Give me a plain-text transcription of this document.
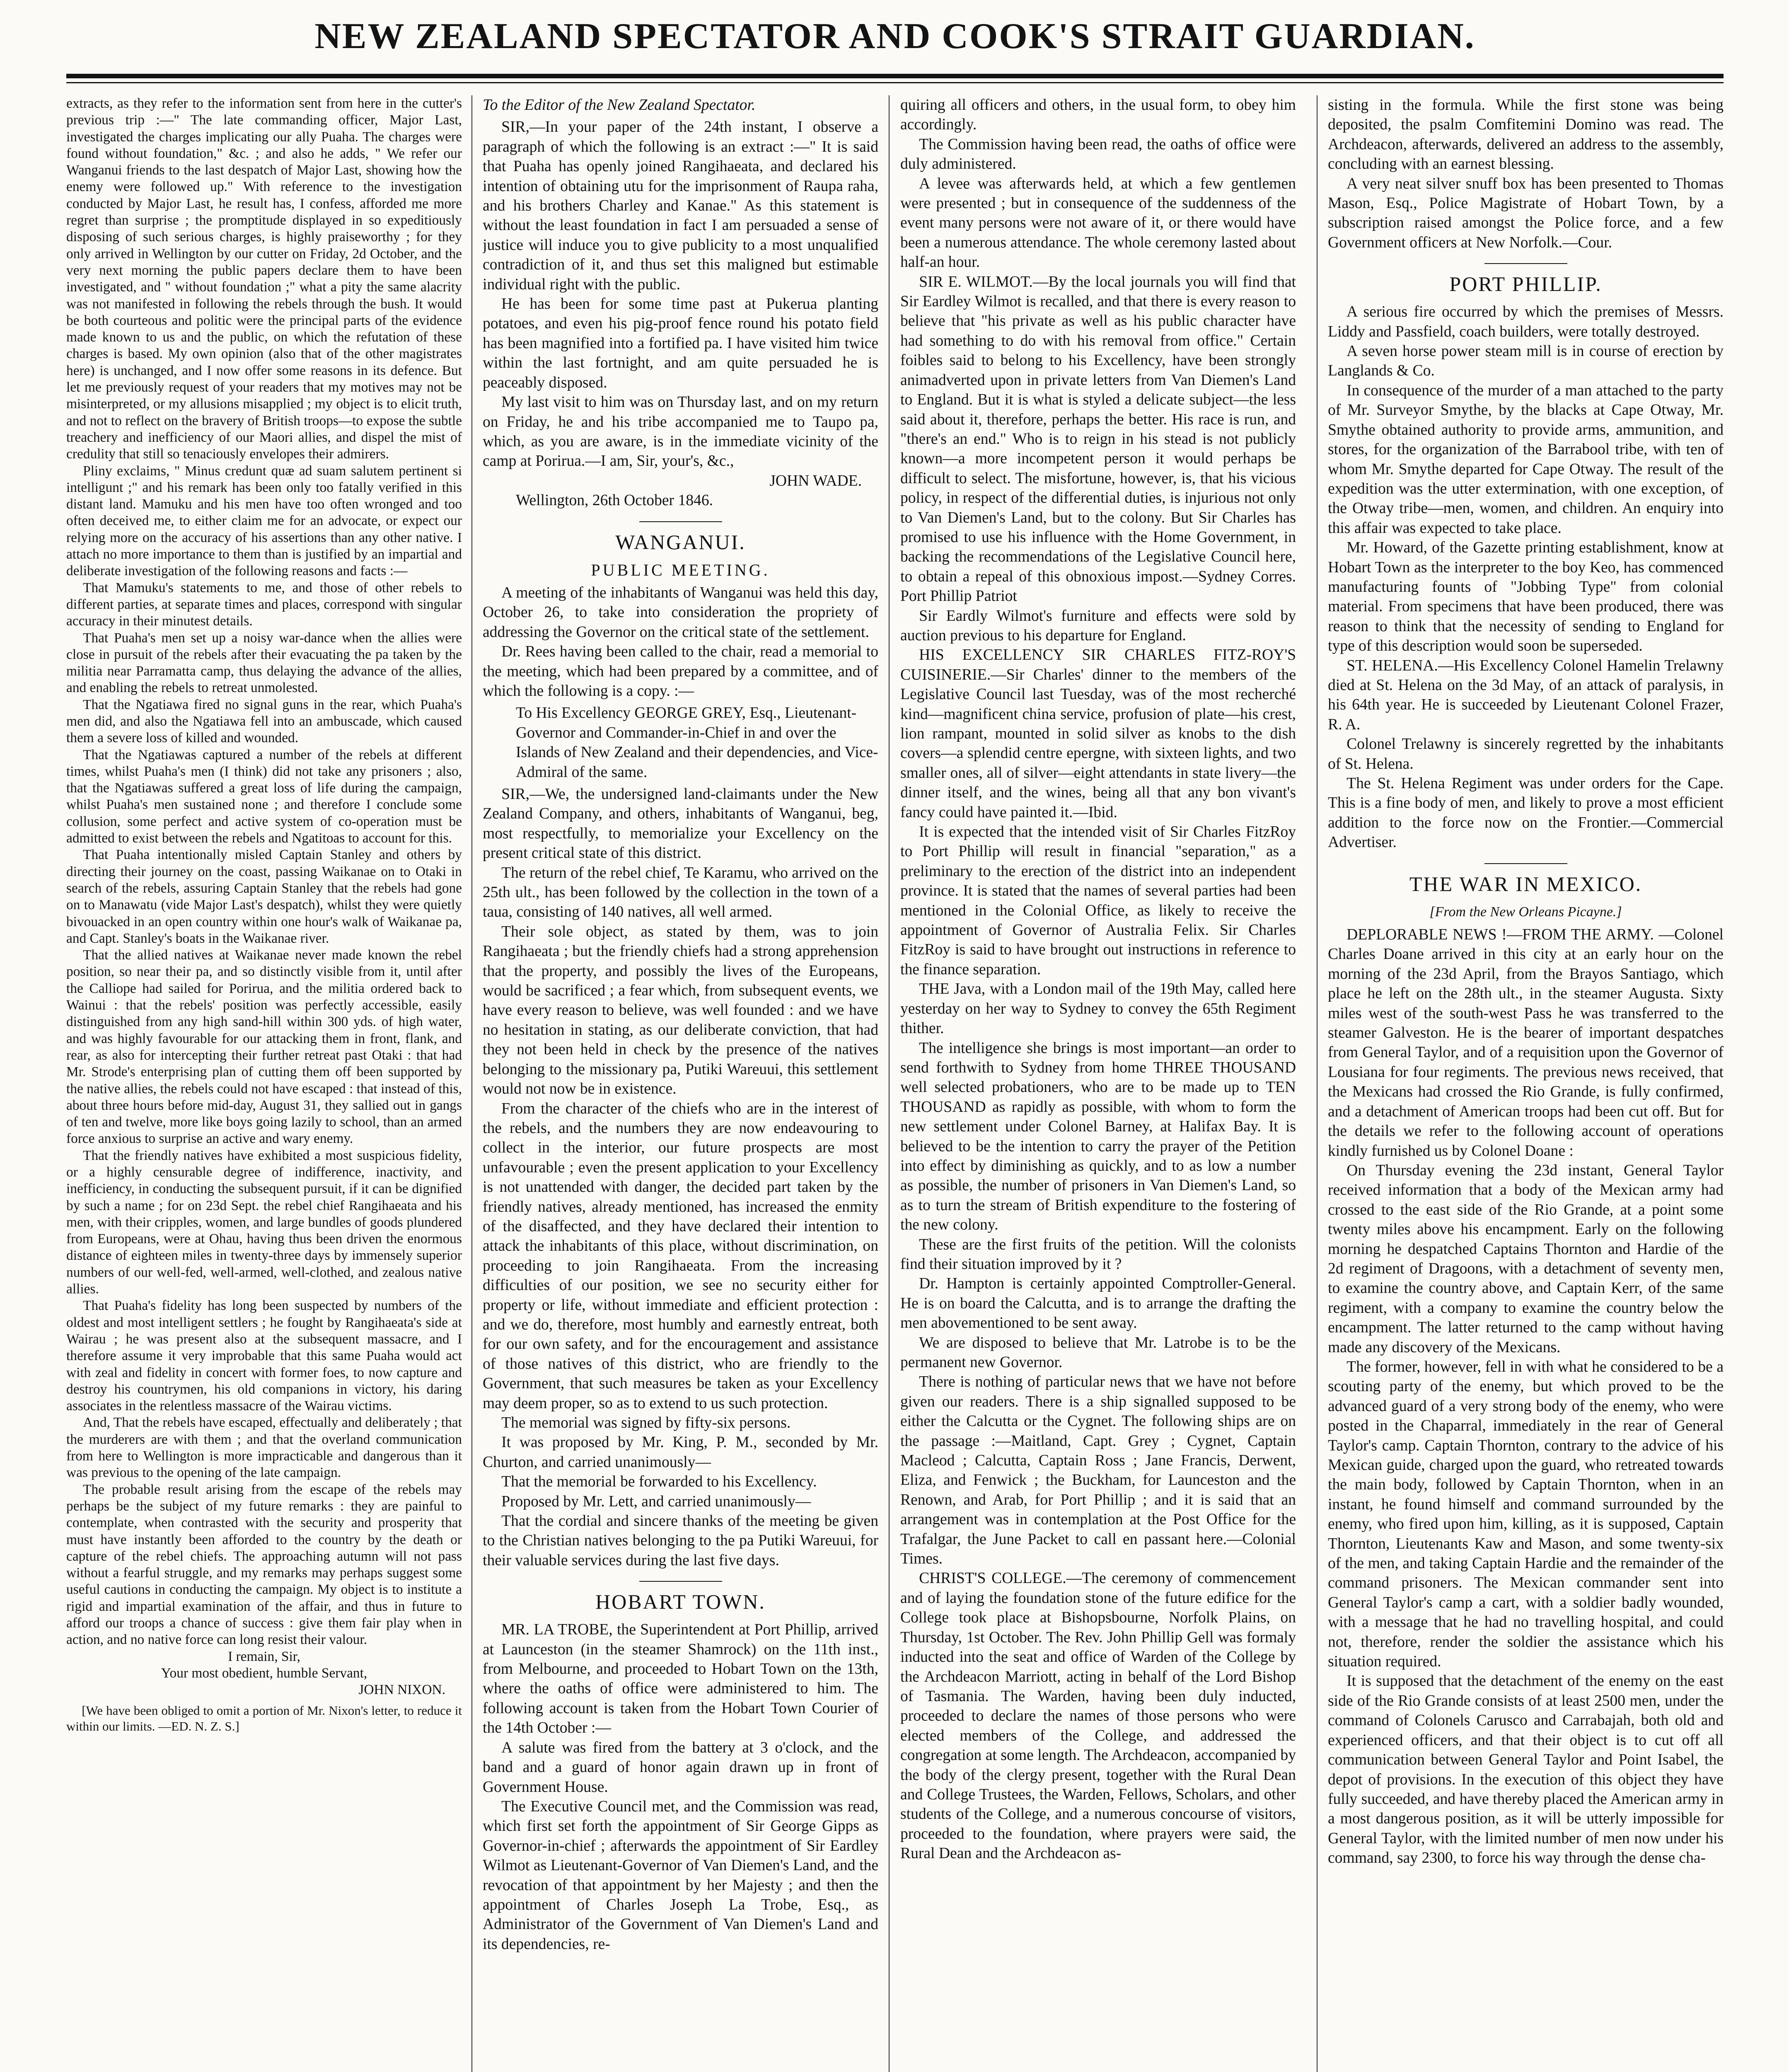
NEW ZEALAND SPECTATOR AND COOK'S STRAIT GUARDIAN.

extracts, as they refer to the information sent from here in the cutter's previous trip :—" The late commanding officer, Major Last, investigated the charges implicating our ally Puaha. The charges were found without foundation," &c. ; and also he adds, " We refer our Wanganui friends to the last despatch of Major Last, showing how the enemy were followed up." With reference to the investigation conducted by Major Last, he result has, I confess, afforded me more regret than surprise ; the promptitude displayed in so expeditiously disposing of such serious charges, is highly praiseworthy ; for they only arrived in Wellington by our cutter on Friday, 2d October, and the very next morning the public papers declare them to have been investigated, and " without foundation ;" what a pity the same alacrity was not manifested in following the rebels through the bush. It would be both courteous and politic were the principal parts of the evidence made known to us and the public, on which the refutation of these charges is based. My own opinion (also that of the other magistrates here) is unchanged, and I now offer some reasons in its defence. But let me previously request of your readers that my motives may not be misinterpreted, or my allusions misapplied ; my object is to elicit truth, and not to reflect on the bravery of British troops—to expose the subtle treachery and inefficiency of our Maori allies, and dispel the mist of credulity that still so tenaciously envelopes their admirers.

Pliny exclaims, " Minus credunt quæ ad suam salutem pertinent si intelligunt ;" and his remark has been only too fatally verified in this distant land. Mamuku and his men have too often wronged and too often deceived me, to either claim me for an advocate, or expect our relying more on the accuracy of his assertions than any other native. I attach no more importance to them than is justified by an impartial and deliberate investigation of the following reasons and facts :—

That Mamuku's statements to me, and those of other rebels to different parties, at separate times and places, correspond with singular accuracy in their minutest details.

That Puaha's men set up a noisy war-dance when the allies were close in pursuit of the rebels after their evacuating the pa taken by the militia near Parramatta camp, thus delaying the advance of the allies, and enabling the rebels to retreat unmolested.

That the Ngatiawa fired no signal guns in the rear, which Puaha's men did, and also the Ngatiawa fell into an ambuscade, which caused them a severe loss of killed and wounded.

That the Ngatiawas captured a number of the rebels at different times, whilst Puaha's men (I think) did not take any prisoners ; also, that the Ngatiawas suffered a great loss of life during the campaign, whilst Puaha's men sustained none ; and therefore I conclude some collusion, some perfect and active system of co-operation must be admitted to exist between the rebels and Ngatitoas to account for this.

That Puaha intentionally misled Captain Stanley and others by directing their journey on the coast, passing Waikanae on to Otaki in search of the rebels, assuring Captain Stanley that the rebels had gone on to Manawatu (vide Major Last's despatch), whilst they were quietly bivouacked in an open country within one hour's walk of Waikanae pa, and Capt. Stanley's boats in the Waikanae river.

That the allied natives at Waikanae never made known the rebel position, so near their pa, and so distinctly visible from it, until after the Calliope had sailed for Porirua, and the militia ordered back to Wainui : that the rebels' position was perfectly accessible, easily distinguished from any high sand-hill within 300 yds. of high water, and was highly favourable for our attacking them in front, flank, and rear, as also for intercepting their further retreat past Otaki : that had Mr. Strode's enterprising plan of cutting them off been supported by the native allies, the rebels could not have escaped : that instead of this, about three hours before mid-day, August 31, they sallied out in gangs of ten and twelve, more like boys going lazily to school, than an armed force anxious to surprise an active and wary enemy.

That the friendly natives have exhibited a most suspicious fidelity, or a highly censurable degree of indifference, inactivity, and inefficiency, in conducting the subsequent pursuit, if it can be dignified by such a name ; for on 23d Sept. the rebel chief Rangihaeata and his men, with their cripples, women, and large bundles of goods plundered from Europeans, were at Ohau, having thus been driven the enormous distance of eighteen miles in twenty-three days by immensely superior numbers of our well-fed, well-armed, well-clothed, and zealous native allies.

That Puaha's fidelity has long been suspected by numbers of the oldest and most intelligent settlers ; he fought by Rangihaeata's side at Wairau ; he was present also at the subsequent massacre, and I therefore assume it very improbable that this same Puaha would act with zeal and fidelity in concert with former foes, to now capture and destroy his countrymen, his old companions in victory, his daring associates in the relentless massacre of the Wairau victims.

And, That the rebels have escaped, effectually and deliberately ; that the murderers are with them ; and that the overland communication from here to Wellington is more impracticable and dangerous than it was previous to the opening of the late campaign.

The probable result arising from the escape of the rebels may perhaps be the subject of my future remarks : they are painful to contemplate, when contrasted with the security and prosperity that must have instantly been afforded to the country by the death or capture of the rebel chiefs. The approaching autumn will not pass without a fearful struggle, and my remarks may perhaps suggest some useful cautions in conducting the campaign. My object is to institute a rigid and impartial examination of the affair, and thus in future to afford our troops a chance of success : give them fair play when in action, and no native force can long resist their valour.

I remain, Sir,

Your most obedient, humble Servant,

JOHN NIXON.

[We have been obliged to omit a portion of Mr. Nixon's letter, to reduce it within our limits. —ED. N. Z. S.]

To the Editor of the New Zealand Spectator.

SIR,—In your paper of the 24th instant, I observe a paragraph of which the following is an extract :—" It is said that Puaha has openly joined Rangihaeata, and declared his intention of obtaining utu for the imprisonment of Raupa raha, and his brothers Charley and Kanae." As this statement is without the least foundation in fact I am persuaded a sense of justice will induce you to give publicity to a most unqualified contradiction of it, and thus set this maligned but estimable individual right with the public.

He has been for some time past at Pukerua planting potatoes, and even his pig-proof fence round his potato field has been magnified into a fortified pa. I have visited him twice within the last fortnight, and am quite persuaded he is peaceably disposed.

My last visit to him was on Thursday last, and on my return on Friday, he and his tribe accompanied me to Taupo pa, which, as you are aware, is in the immediate vicinity of the camp at Porirua.—I am, Sir, your's, &c.,

JOHN WADE.

Wellington, 26th October 1846.

WANGANUI.
PUBLIC MEETING.

A meeting of the inhabitants of Wanganui was held this day, October 26, to take into consideration the propriety of addressing the Governor on the critical state of the settlement.

Dr. Rees having been called to the chair, read a memorial to the meeting, which had been prepared by a committee, and of which the following is a copy. :—

To His Excellency GEORGE GREY, Esq., Lieutenant-Governor and Commander-in-Chief in and over the Islands of New Zealand and their dependencies, and Vice-Admiral of the same.

SIR,—We, the undersigned land-claimants under the New Zealand Company, and others, inhabitants of Wanganui, beg, most respectfully, to memorialize your Excellency on the present critical state of this district.

The return of the rebel chief, Te Karamu, who arrived on the 25th ult., has been followed by the collection in the town of a taua, consisting of 140 natives, all well armed.

Their sole object, as stated by them, was to join Rangihaeata ; but the friendly chiefs had a strong apprehension that the property, and possibly the lives of the Europeans, would be sacrificed ; a fear which, from subsequent events, we have every reason to believe, was well founded : and we have no hesitation in stating, as our deliberate conviction, that had they not been held in check by the presence of the natives belonging to the missionary pa, Putiki Wareuui, this settlement would not now be in existence.

From the character of the chiefs who are in the interest of the rebels, and the numbers they are now endeavouring to collect in the interior, our future prospects are most unfavourable ; even the present application to your Excellency is not unattended with danger, the decided part taken by the friendly natives, already mentioned, has increased the enmity of the disaffected, and they have declared their intention to attack the inhabitants of this place, without discrimination, on proceeding to join Rangihaeata. From the increasing difficulties of our position, we see no security either for property or life, without immediate and efficient protection : and we do, therefore, most humbly and earnestly entreat, both for our own safety, and for the encouragement and assistance of those natives of this district, who are friendly to the Government, that such measures be taken as your Excellency may deem proper, so as to extend to us such protection.

The memorial was signed by fifty-six persons.

It was proposed by Mr. King, P. M., seconded by Mr. Churton, and carried unanimously—

That the memorial be forwarded to his Excellency.

Proposed by Mr. Lett, and carried unanimously—

That the cordial and sincere thanks of the meeting be given to the Christian natives belonging to the pa Putiki Wareuui, for their valuable services during the last five days.

HOBART TOWN.

MR. LA TROBE, the Superintendent at Port Phillip, arrived at Launceston (in the steamer Shamrock) on the 11th inst., from Melbourne, and proceeded to Hobart Town on the 13th, where the oaths of office were administered to him. The following account is taken from the Hobart Town Courier of the 14th October :—

A salute was fired from the battery at 3 o'clock, and the band and a guard of honor again drawn up in front of Government House.

The Executive Council met, and the Commission was read, which first set forth the appointment of Sir George Gipps as Governor-in-chief ; afterwards the appointment of Sir Eardley Wilmot as Lieutenant-Governor of Van Diemen's Land, and the revocation of that appointment by her Majesty ; and then the appointment of Charles Joseph La Trobe, Esq., as Administrator of the Government of Van Diemen's Land and its dependencies, re-

quiring all officers and others, in the usual form, to obey him accordingly.

The Commission having been read, the oaths of office were duly administered.

A levee was afterwards held, at which a few gentlemen were presented ; but in consequence of the suddenness of the event many persons were not aware of it, or there would have been a numerous attendance. The whole ceremony lasted about half-an hour.

SIR E. WILMOT.—By the local journals you will find that Sir Eardley Wilmot is recalled, and that there is every reason to believe that "his private as well as his public character have had something to do with his removal from office." Certain foibles said to belong to his Excellency, have been strongly animadverted upon in private letters from Van Diemen's Land to England. But it is what is styled a delicate subject—the less said about it, therefore, perhaps the better. His race is run, and "there's an end." Who is to reign in his stead is not publicly known—a more incompetent person it would perhaps be difficult to select. The misfortune, however, is, that his vicious policy, in respect of the differential duties, is injurious not only to Van Diemen's Land, but to the colony. But Sir Charles has promised to use his influence with the Home Government, in backing the recommendations of the Legislative Council here, to obtain a repeal of this obnoxious impost.—Sydney Corres. Port Phillip Patriot

Sir Eardly Wilmot's furniture and effects were sold by auction previous to his departure for England.

HIS EXCELLENCY SIR CHARLES FITZ-ROY'S CUISINERIE.—Sir Charles' dinner to the members of the Legislative Council last Tuesday, was of the most recherché kind—magnificent china service, profusion of plate—his crest, lion rampant, mounted in solid silver as knobs to the dish covers—a splendid centre epergne, with sixteen lights, and two smaller ones, all of silver—eight attendants in state livery—the dinner itself, and the wines, being all that any bon vivant's fancy could have painted it.—Ibid.

It is expected that the intended visit of Sir Charles FitzRoy to Port Phillip will result in financial "separation," as a preliminary to the erection of the district into an independent province. It is stated that the names of several parties had been mentioned in the Colonial Office, as likely to receive the appointment of Governor of Australia Felix. Sir Charles FitzRoy is said to have brought out instructions in reference to the finance separation.

THE Java, with a London mail of the 19th May, called here yesterday on her way to Sydney to convey the 65th Regiment thither.

The intelligence she brings is most important—an order to send forthwith to Sydney from home THREE THOUSAND well selected probationers, who are to be made up to TEN THOUSAND as rapidly as possible, with whom to form the new settlement under Colonel Barney, at Halifax Bay. It is believed to be the intention to carry the prayer of the Petition into effect by diminishing as quickly, and to as low a number as possible, the number of prisoners in Van Diemen's Land, so as to turn the stream of British expenditure to the fostering of the new colony.

These are the first fruits of the petition. Will the colonists find their situation improved by it ?

Dr. Hampton is certainly appointed Comptroller-General. He is on board the Calcutta, and is to arrange the drafting the men abovementioned to be sent away.

We are disposed to believe that Mr. Latrobe is to be the permanent new Governor.

There is nothing of particular news that we have not before given our readers. There is a ship signalled supposed to be either the Calcutta or the Cygnet. The following ships are on the passage :—Maitland, Capt. Grey ; Cygnet, Captain Macleod ; Calcutta, Captain Ross ; Jane Francis, Derwent, Eliza, and Fenwick ; the Buckham, for Launceston and the Renown, and Arab, for Port Phillip ; and it is said that an arrangement was in contemplation at the Post Office for the Trafalgar, the June Packet to call en passant here.—Colonial Times.

CHRIST'S COLLEGE.—The ceremony of commencement and of laying the foundation stone of the future edifice for the College took place at Bishopsbourne, Norfolk Plains, on Thursday, 1st October. The Rev. John Phillip Gell was formaly inducted into the seat and office of Warden of the College by the Archdeacon Marriott, acting in behalf of the Lord Bishop of Tasmania. The Warden, having been duly inducted, proceeded to declare the names of those persons who were elected members of the College, and addressed the congregation at some length. The Archdeacon, accompanied by the body of the clergy present, together with the Rural Dean and College Trustees, the Warden, Fellows, Scholars, and other students of the College, and a numerous concourse of visitors, proceeded to the foundation, where prayers were said, the Rural Dean and the Archdeacon as-

sisting in the formula. While the first stone was being deposited, the psalm Comfitemini Domino was read. The Archdeacon, afterwards, delivered an address to the assembly, concluding with an earnest blessing.

A very neat silver snuff box has been presented to Thomas Mason, Esq., Police Magistrate of Hobart Town, by a subscription raised amongst the Police force, and a few Government officers at New Norfolk.—Cour.

PORT PHILLIP.

A serious fire occurred by which the premises of Messrs. Liddy and Passfield, coach builders, were totally destroyed.

A seven horse power steam mill is in course of erection by Langlands & Co.

In consequence of the murder of a man attached to the party of Mr. Surveyor Smythe, by the blacks at Cape Otway, Mr. Smythe obtained authority to provide arms, ammunition, and stores, for the organization of the Barrabool tribe, with ten of whom Mr. Smythe departed for Cape Otway. The result of the expedition was the utter extermination, with one exception, of the Otway tribe—men, women, and children. An enquiry into this affair was expected to take place.

Mr. Howard, of the Gazette printing establishment, know at Hobart Town as the interpreter to the boy Keo, has commenced manufacturing founts of "Jobbing Type" from colonial material. From specimens that have been produced, there was reason to think that the necessity of sending to England for type of this description would soon be superseded.

ST. HELENA.—His Excellency Colonel Hamelin Trelawny died at St. Helena on the 3d May, of an attack of paralysis, in his 64th year. He is succeeded by Lieutenant Colonel Frazer, R. A.

Colonel Trelawny is sincerely regretted by the inhabitants of St. Helena.

The St. Helena Regiment was under orders for the Cape. This is a fine body of men, and likely to prove a most efficient addition to the force now on the Frontier.—Commercial Advertiser.

THE WAR IN MEXICO.

[From the New Orleans Picayne.]

DEPLORABLE NEWS !—FROM THE ARMY. —Colonel Charles Doane arrived in this city at an early hour on the morning of the 23d April, from the Brayos Santiago, which place he left on the 28th ult., in the steamer Augusta. Sixty miles west of the south-west Pass he was transferred to the steamer Galveston. He is the bearer of important despatches from General Taylor, and of a requisition upon the Governor of Lousiana for four regiments. The previous news received, that the Mexicans had crossed the Rio Grande, is fully confirmed, and a detachment of American troops had been cut off. But for the details we refer to the following account of operations kindly furnished us by Colonel Doane :

On Thursday evening the 23d instant, General Taylor received information that a body of the Mexican army had crossed to the east side of the Rio Grande, at a point some twenty miles above his encampment. Early on the following morning he despatched Captains Thornton and Hardie of the 2d regiment of Dragoons, with a detachment of seventy men, to examine the country above, and Captain Kerr, of the same regiment, with a company to examine the country below the encampment. The latter returned to the camp without having made any discovery of the Mexicans.

The former, however, fell in with what he considered to be a scouting party of the enemy, but which proved to be the advanced guard of a very strong body of the enemy, who were posted in the Chaparral, immediately in the rear of General Taylor's camp. Captain Thornton, contrary to the advice of his Mexican guide, charged upon the guard, who retreated towards the main body, followed by Captain Thornton, when in an instant, he found himself and command surrounded by the enemy, who fired upon him, killing, as it is supposed, Captain Thornton, Lieutenants Kaw and Mason, and some twenty-six of the men, and taking Captain Hardie and the remainder of the command prisoners. The Mexican commander sent into General Taylor's camp a cart, with a soldier badly wounded, with a message that he had no travelling hospital, and could not, therefore, render the soldier the assistance which his situation required.

It is supposed that the detachment of the enemy on the east side of the Rio Grande consists of at least 2500 men, under the command of Colonels Carusco and Carrabajah, both old and experienced officers, and that their object is to cut off all communication between General Taylor and Point Isabel, the depot of provisions. In the execution of this object they have fully succeeded, and have thereby placed the American army in a most dangerous position, as it will be utterly impossible for General Taylor, with the limited number of men now under his command, say 2300, to force his way through the dense cha-
